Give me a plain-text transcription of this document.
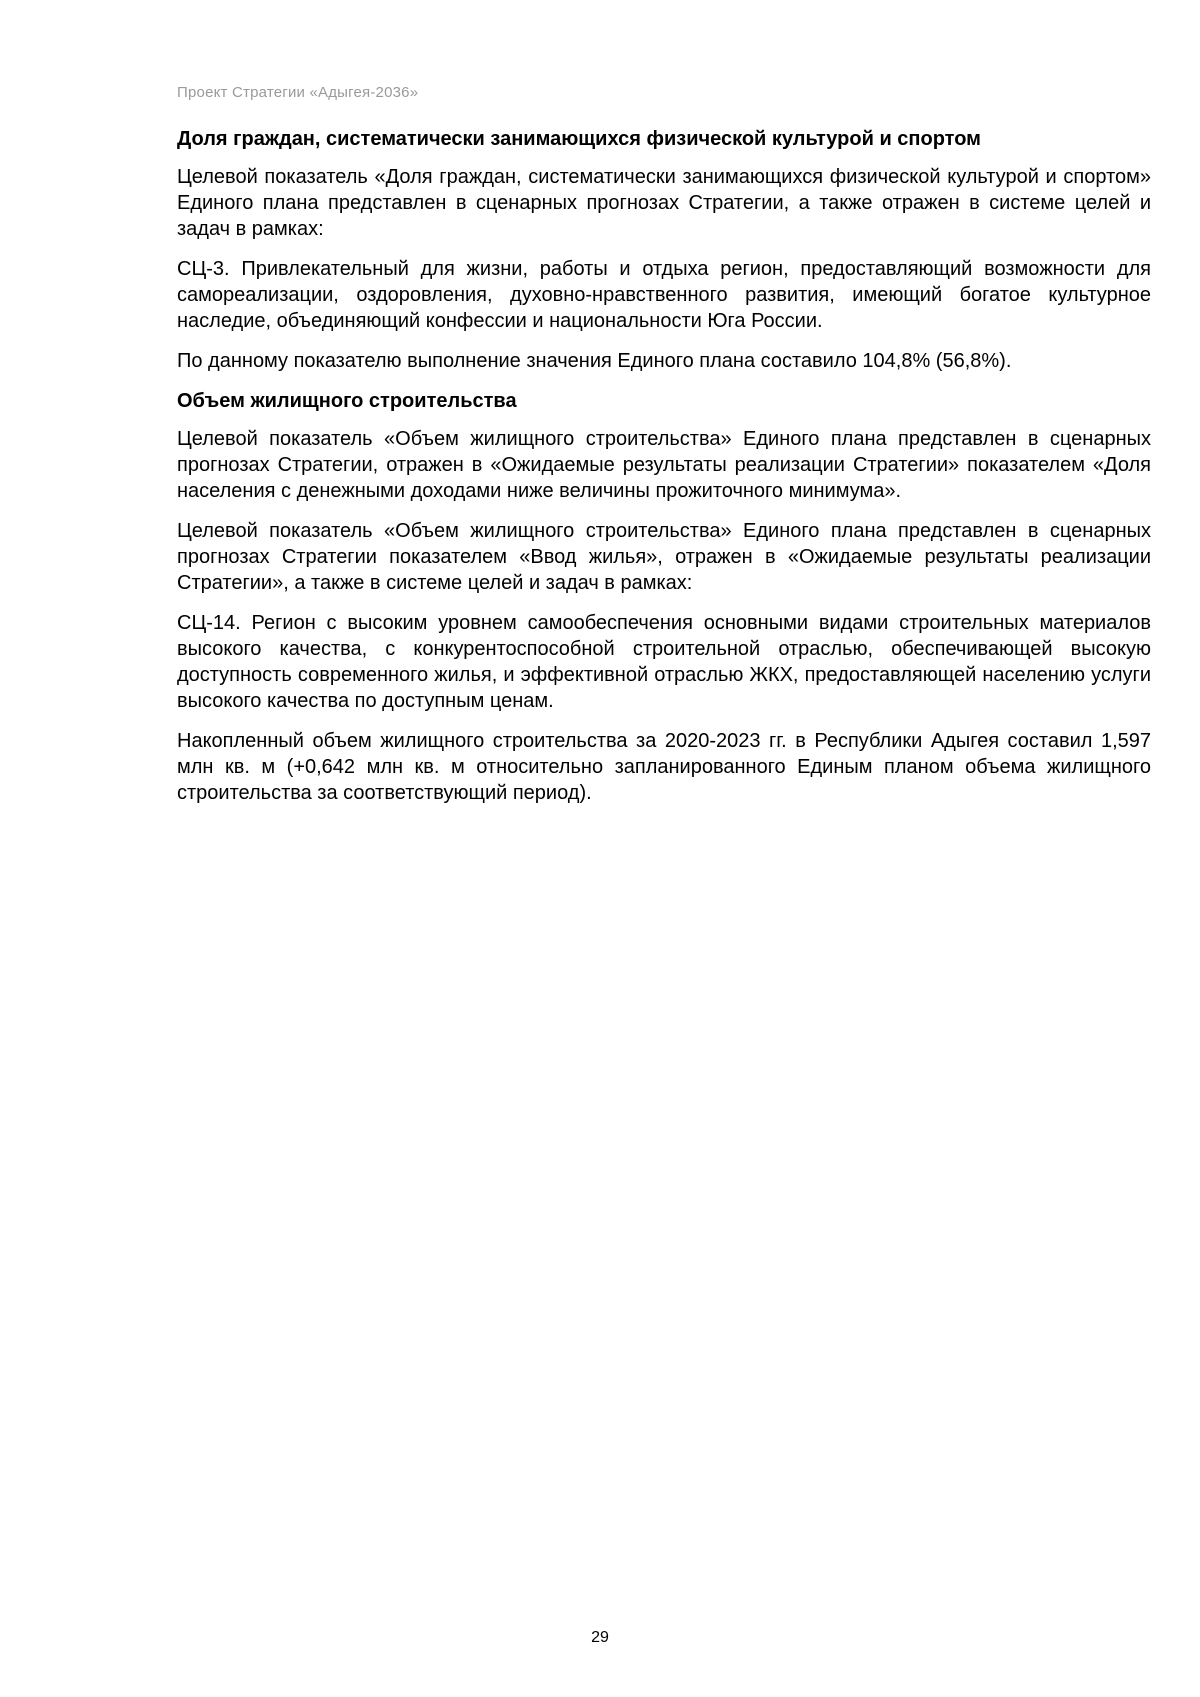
Проект Стратегии «Адыгея-2036»
Доля граждан, систематически занимающихся физической культурой и спортом

Целевой показатель «Доля граждан, систематически занимающихся физической культурой и спортом» Единого плана представлен в сценарных прогнозах Стратегии, а также отражен в системе целей и задач в рамках:

СЦ-3. Привлекательный для жизни, работы и отдыха регион, предоставляющий возможности для самореализации, оздоровления, духовно-нравственного развития, имеющий богатое культурное наследие, объединяющий конфессии и национальности Юга России.

По данному показателю выполнение значения Единого плана составило 104,8% (56,8%).

Объем жилищного строительства

Целевой показатель «Объем жилищного строительства» Единого плана представлен в сценарных прогнозах Стратегии, отражен в «Ожидаемые результаты реализации Стратегии» показателем «Доля населения с денежными доходами ниже величины прожиточного минимума».

Целевой показатель «Объем жилищного строительства» Единого плана представлен в сценарных прогнозах Стратегии показателем «Ввод жилья», отражен в «Ожидаемые результаты реализации Стратегии», а также в системе целей и задач в рамках:

СЦ-14. Регион с высоким уровнем самообеспечения основными видами строительных материалов высокого качества, с конкурентоспособной строительной отраслью, обеспечивающей высокую доступность современного жилья, и эффективной отраслью ЖКХ, предоставляющей населению услуги высокого качества по доступным ценам.

Накопленный объем жилищного строительства за 2020-2023 гг. в Республики Адыгея составил 1,597 млн кв. м (+0,642 млн кв. м относительно запланированного Единым планом объема жилищного строительства за соответствующий период).

29
